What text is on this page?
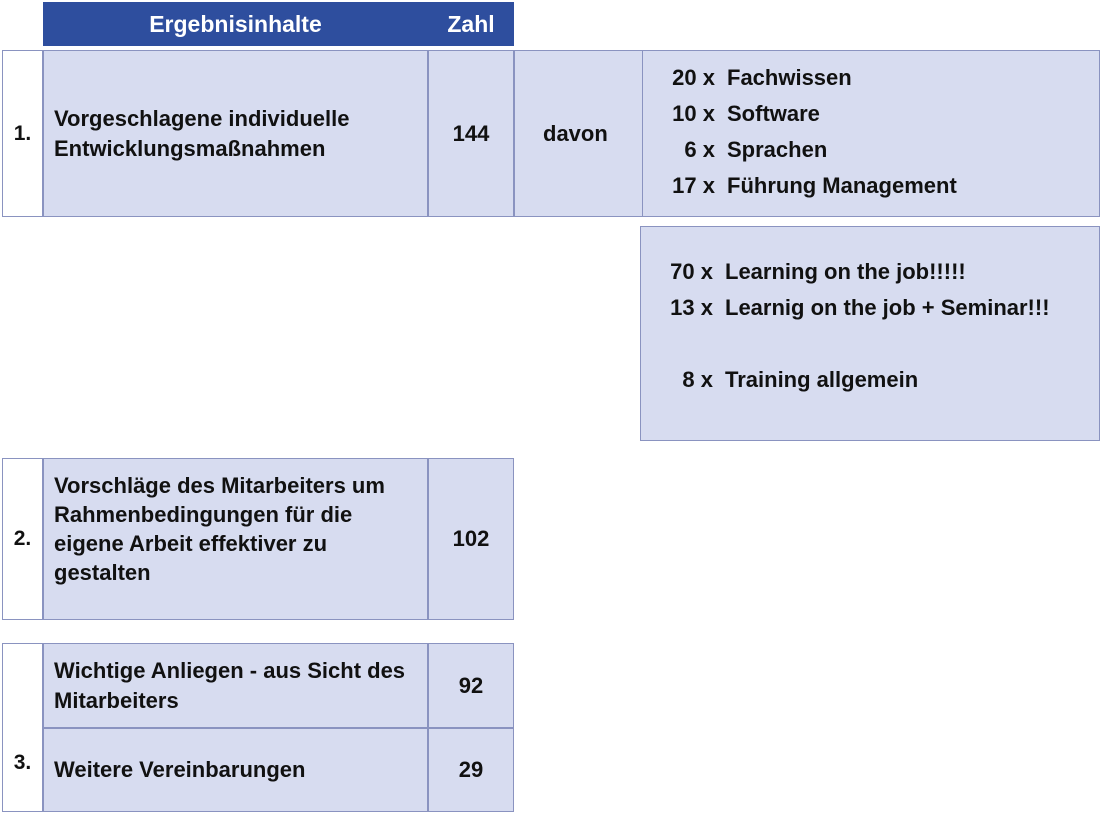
Ergebnisinhalte	Zahl
1.
Vorgeschlagene individuelle Entwicklungsmaßnahmen
144 davon
20 x Fachwissen
10 x Software
6 x Sprachen
17 x Führung Management
70 x Learning on the job!!!!!
13 x Learnig on the job + Seminar!!!
8 x Training allgemein
2.
Vorschläge des Mitarbeiters um Rahmenbedingungen für die eigene Arbeit effektiver zu gestalten
102
3.
Wichtige Anliegen - aus Sicht des Mitarbeiters
92
Weitere Vereinbarungen	29
